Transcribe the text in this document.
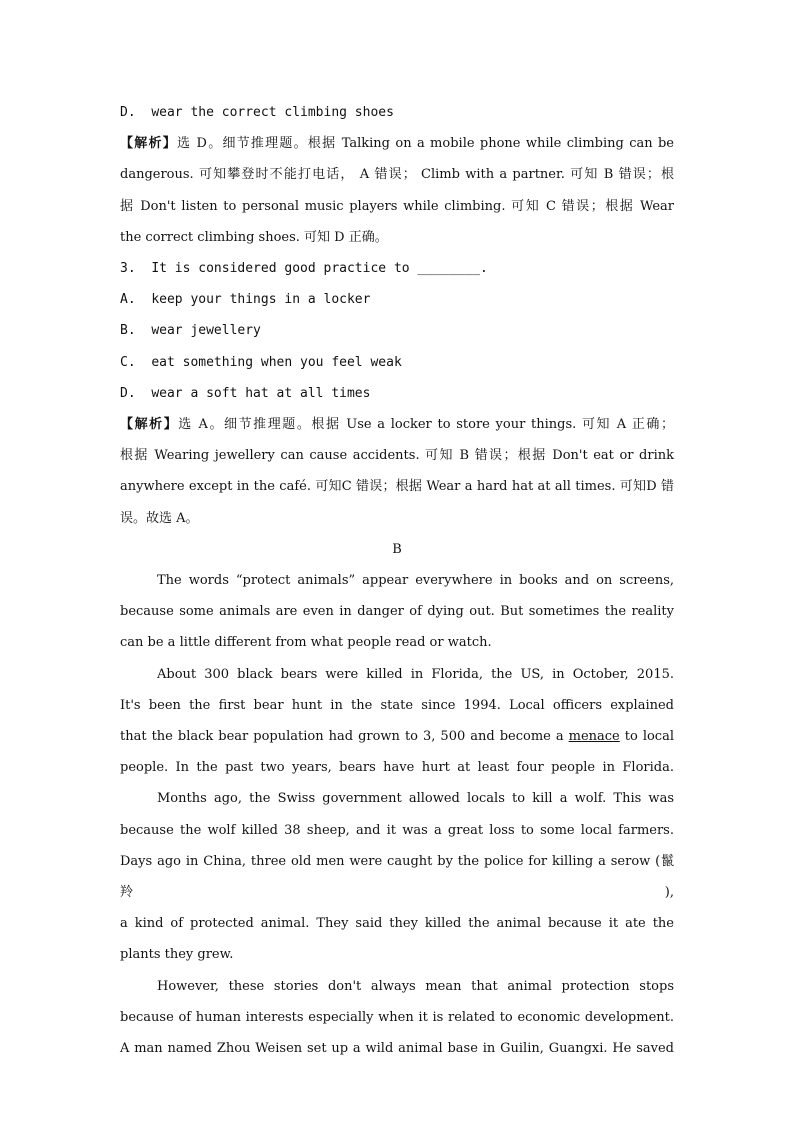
D. wear the correct climbing shoes
【解析】选 D。细节推理题。根据 Talking on a mobile phone while climbing can be
dangerous. 可知攀登时不能打电话， A 错误； Climb with a partner. 可知 B 错误；根
据 Don't listen to personal music players while climbing. 可知 C 错误；根据 Wear
the correct climbing shoes. 可知 D 正确。
3. It is considered good practice to ________.
A. keep your things in a locker
B. wear jewellery
C. eat something when you feel weak
D. wear a soft hat at all times
【解析】选 A。细节推理题。根据 Use a locker to store your things. 可知 A 正确；
根据 Wearing jewellery can cause accidents. 可知 B 错误；根据 Don't eat or drink
anywhere except in the café. 可知C 错误；根据 Wear a hard hat at all times. 可知D 错
误。故选 A。
B
The words “protect animals” appear everywhere in books and on screens,
because some animals are even in danger of dying out. But sometimes the reality
can be a little different from what people read or watch.
About 300 black bears were killed in Florida, the US, in October, 2015.
It's been the first bear hunt in the state since 1994. Local officers explained
that the black bear population had grown to 3, 500 and become a menace to local
people. In the past two years, bears have hurt at least four people in Florida.
Months ago, the Swiss government allowed locals to kill a wolf. This was
because the wolf killed 38 sheep, and it was a great loss to some local farmers.
Days ago in China, three old men were caught by the police for killing a serow (鬣羚),
a kind of protected animal. They said they killed the animal because it ate the
plants they grew.
However, these stories don't always mean that animal protection stops
because of human interests especially when it is related to economic development.
A man named Zhou Weisen set up a wild animal base in Guilin, Guangxi. He saved
